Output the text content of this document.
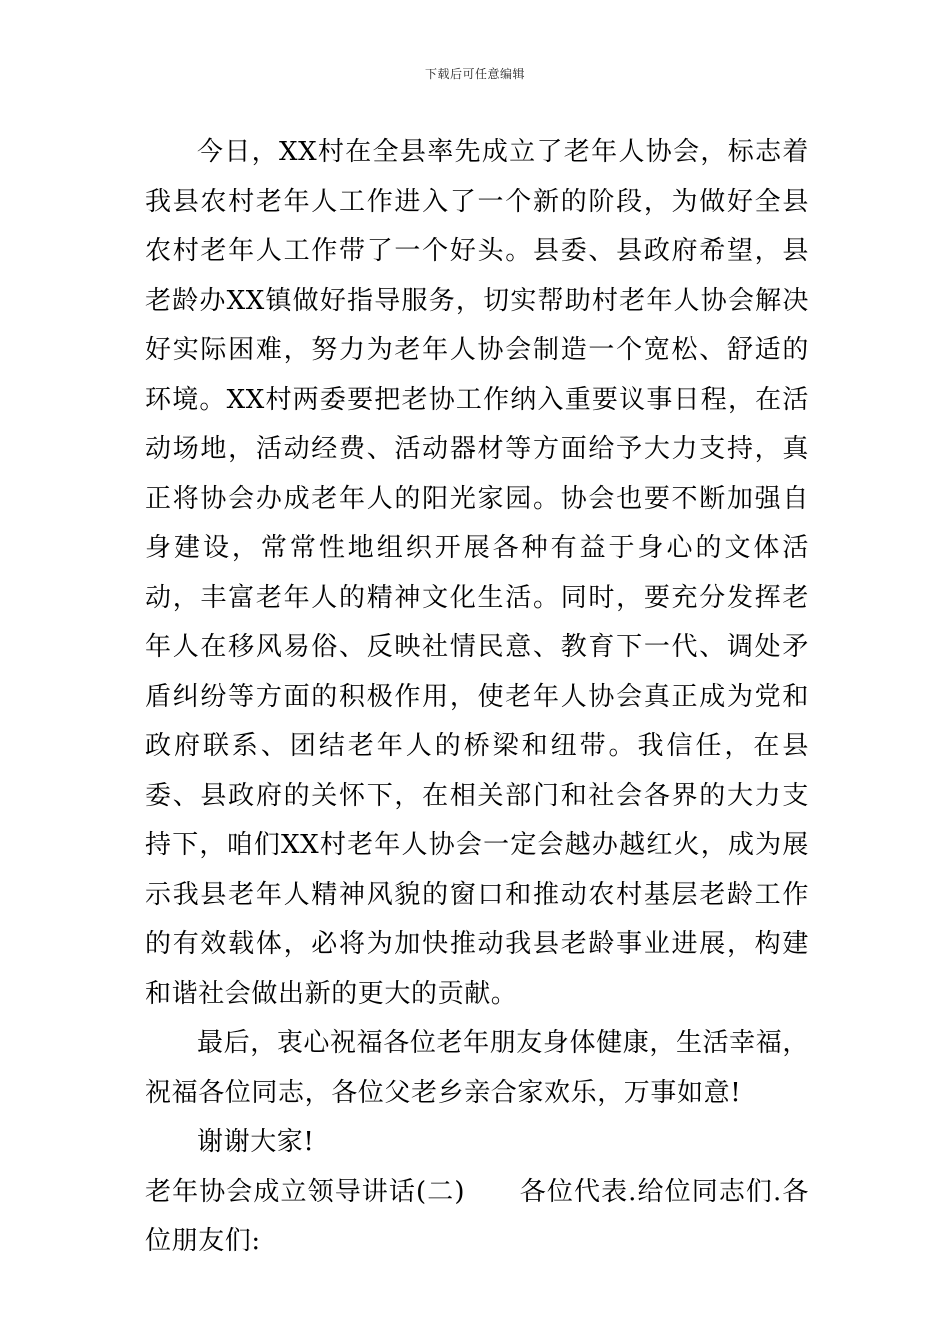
下载后可任意编辑

今日，XX村在全县率先成立了老年人协会，标志着我县农村老年人工作进入了一个新的阶段，为做好全县农村老年人工作带了一个好头。县委、县政府希望，县老龄办XX镇做好指导服务，切实帮助村老年人协会解决好实际困难，努力为老年人协会制造一个宽松、舒适的环境。XX村两委要把老协工作纳入重要议事日程，在活动场地，活动经费、活动器材等方面给予大力支持，真正将协会办成老年人的阳光家园。协会也要不断加强自身建设，常常性地组织开展各种有益于身心的文体活动，丰富老年人的精神文化生活。同时，要充分发挥老年人在移风易俗、反映社情民意、教育下一代、调处矛盾纠纷等方面的积极作用，使老年人协会真正成为党和政府联系、团结老年人的桥梁和纽带。我信任，在县委、县政府的关怀下，在相关部门和社会各界的大力支持下，咱们XX村老年人协会一定会越办越红火，成为展示我县老年人精神风貌的窗口和推动农村基层老龄工作的有效载体，必将为加快推动我县老龄事业进展，构建和谐社会做出新的更大的贡献。

最后，衷心祝福各位老年朋友身体健康，生活幸福，祝福各位同志，各位父老乡亲合家欢乐，万事如意!

谢谢大家!

老年协会成立领导讲话(二)　　各位代表.给位同志们.各位朋友们:
